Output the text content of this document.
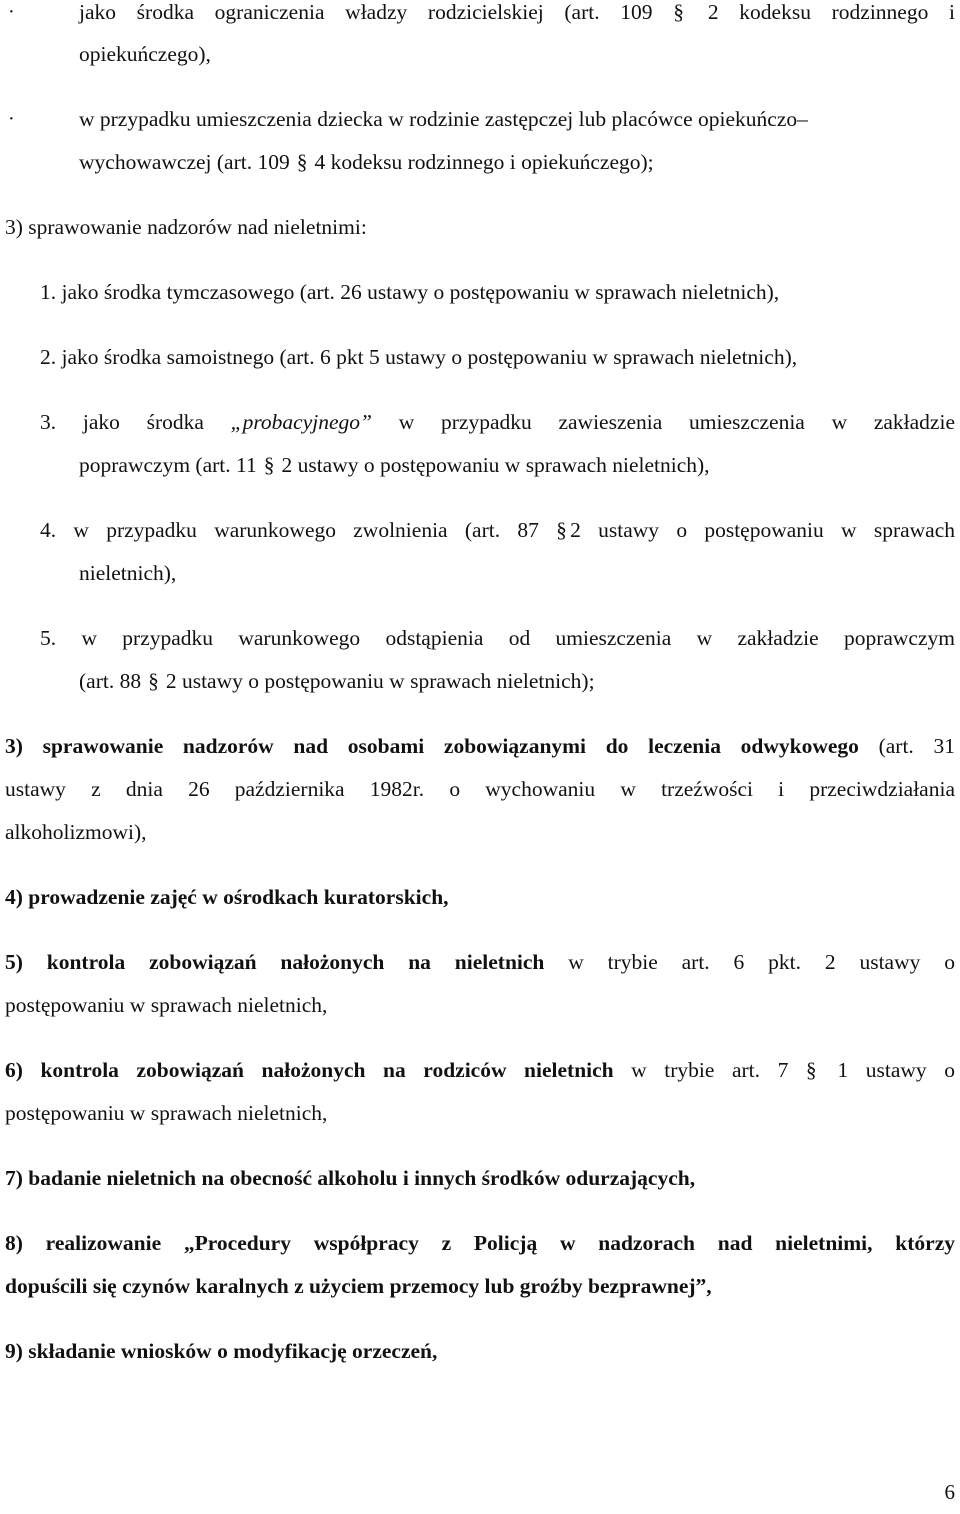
·	jako środka ograniczenia władzy rodzicielskiej (art. 109 § 2 kodeksu rodzinnego i
opiekuńczego),
·	w przypadku umieszczenia dziecka w rodzinie zastępczej lub placówce opiekuńczo–
wychowawczej (art. 109 § 4 kodeksu rodzinnego i opiekuńczego);
3) sprawowanie nadzorów nad nieletnimi:
1. jako środka tymczasowego (art. 26 ustawy o postępowaniu w sprawach nieletnich),
2. jako środka samoistnego (art. 6 pkt 5 ustawy o postępowaniu w sprawach nieletnich),
3. jako środka „probacyjnego” w przypadku zawieszenia umieszczenia w zakładzie
poprawczym (art. 11 § 2 ustawy o postępowaniu w sprawach nieletnich),
4. w przypadku warunkowego zwolnienia (art. 87 § 2 ustawy o postępowaniu w sprawach
nieletnich),
5. w przypadku warunkowego odstąpienia od umieszczenia w zakładzie poprawczym
(art. 88 § 2 ustawy o postępowaniu w sprawach nieletnich);
3) sprawowanie nadzorów nad osobami zobowiązanymi do leczenia odwykowego (art. 31
ustawy z dnia 26 października 1982r. o wychowaniu w trzeźwości i przeciwdziałania
alkoholizmowi),
4) prowadzenie zajęć w ośrodkach kuratorskich,
5) kontrola zobowiązań nałożonych na nieletnich w trybie art. 6 pkt. 2 ustawy o
postępowaniu w sprawach nieletnich,
6) kontrola zobowiązań nałożonych na rodziców nieletnich w trybie art. 7 § 1 ustawy o
postępowaniu w sprawach nieletnich,
7) badanie nieletnich na obecność alkoholu i innych środków odurzających,
8) realizowanie „Procedury współpracy z Policją w nadzorach nad nieletnimi, którzy
dopuścili się czynów karalnych z użyciem przemocy lub groźby bezprawnej”,
9) składanie wniosków o modyfikację orzeczeń,
6
